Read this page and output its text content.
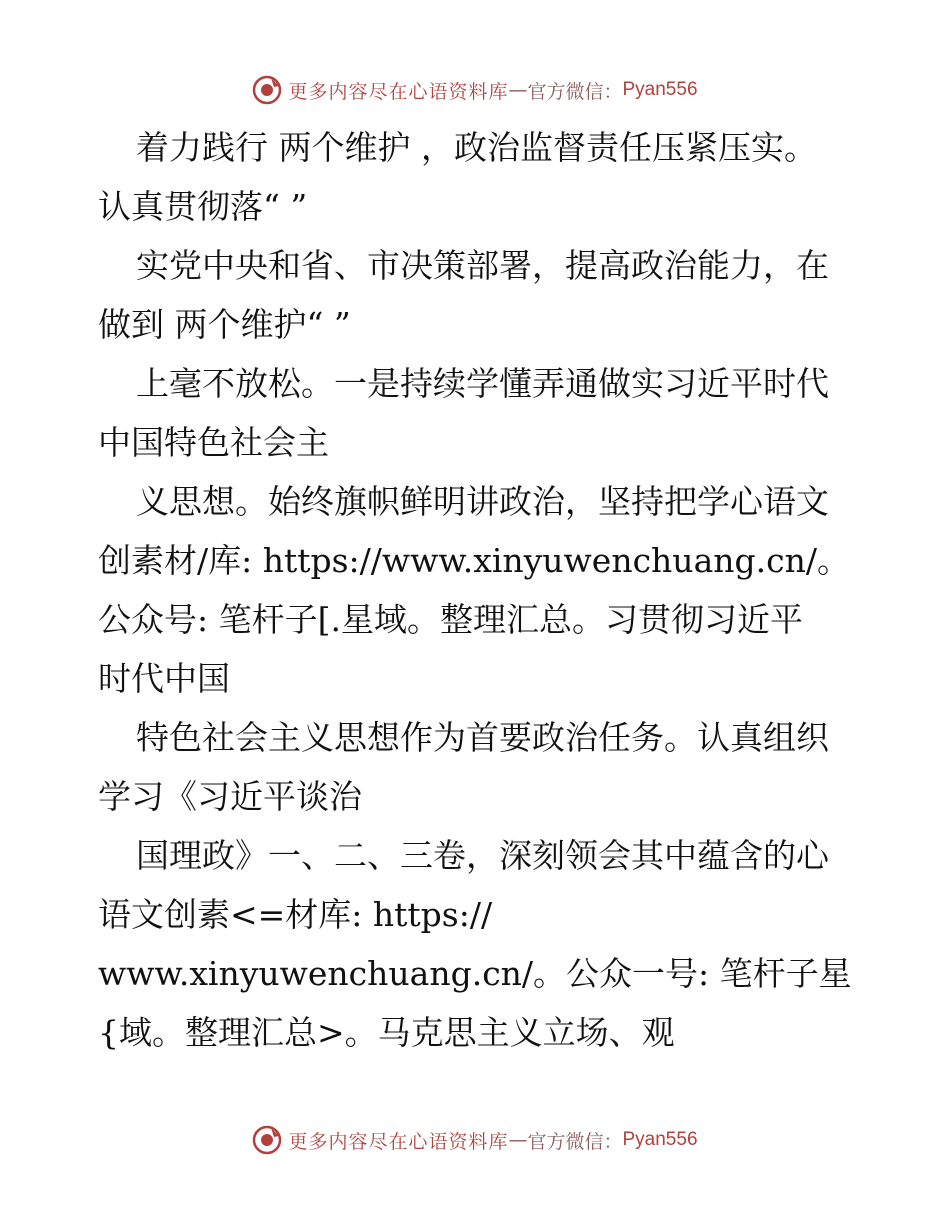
更多内容尽在心语资料库 — 官方微信： Pyan556
着力践行 两个维护 ，政治监督责任压紧压实。
认真贯彻落“ ”
实党中央和省、市决策部署，提高政治能力，在
做到 两个维护“ ”
上毫不放松。一是持续学懂弄通做实习近平时代
中国特色社会主
义思想。始终旗帜鲜明讲政治，坚持把学心语文
创素材/库: https://www.xinyuwenchuang.cn/。
公众号: 笔杆子[.星域。整理汇总。习贯彻习近平
时代中国
特色社会主义思想作为首要政治任务。认真组织
学习《习近平谈治
国理政》一、二、三卷，深刻领会其中蕴含的心
语文创素<=材库: https://
www.xinyuwenchuang.cn/。公众一号: 笔杆子星
{域。整理汇总>。马克思主义立场、观
更多内容尽在心语资料库 — 官方微信： Pyan556
